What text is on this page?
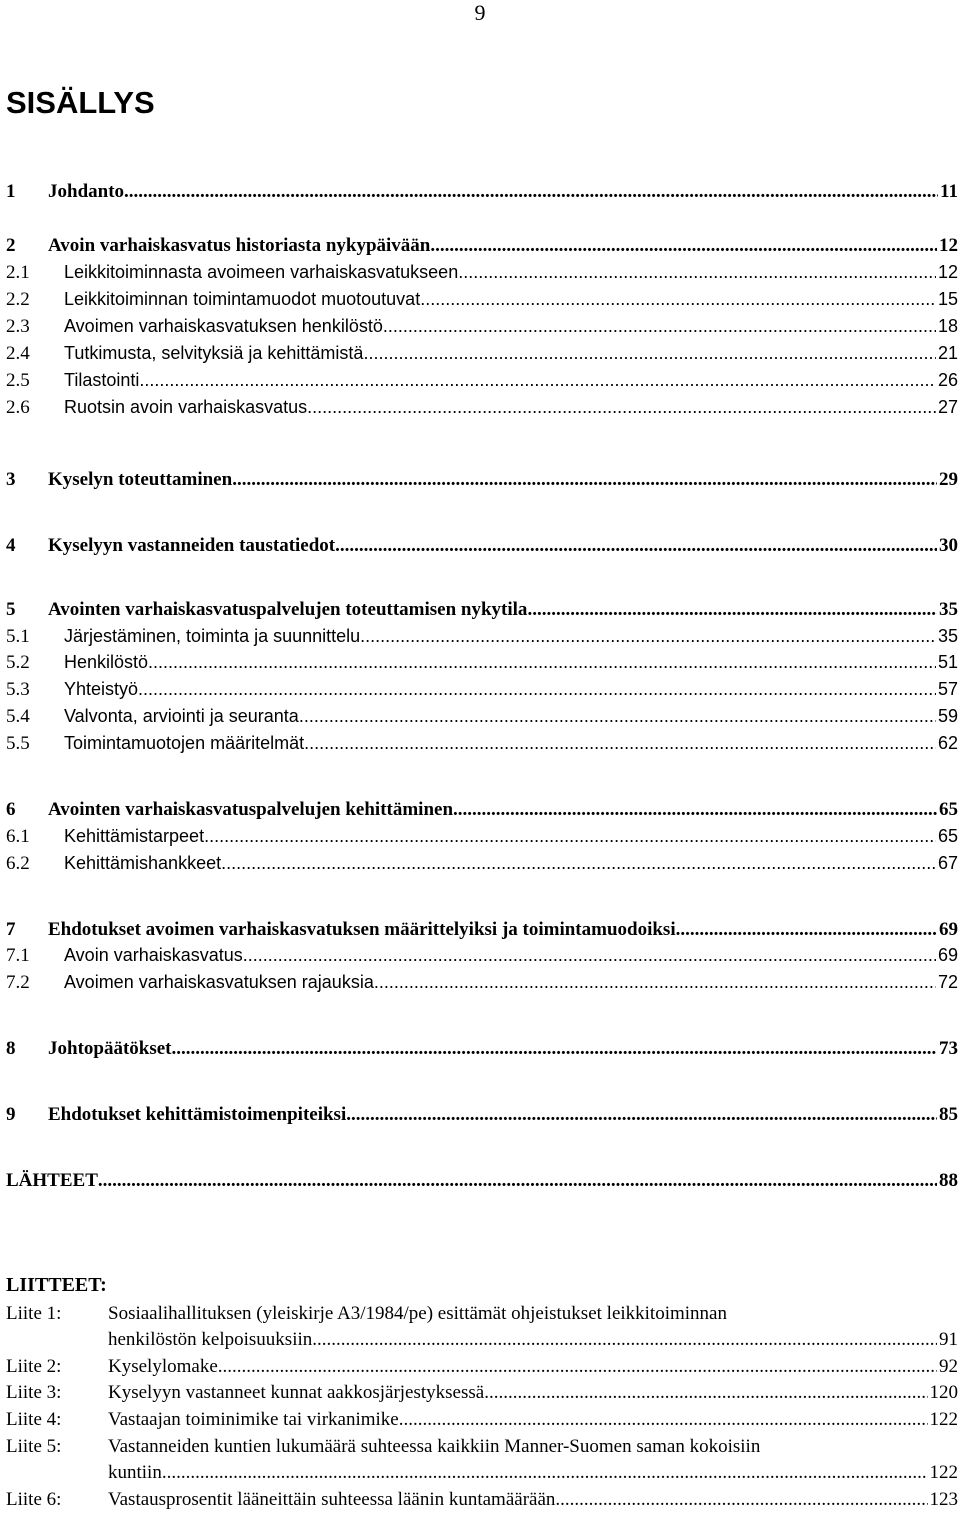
9
SISÄLLYS
1	Johdanto .....	11
2	Avoin varhaiskasvatus historiasta nykypäivään .....	12
2.1	Leikkitoiminnasta avoimeen varhaiskasvatukseen .....	12
2.2	Leikkitoiminnan toimintamuodot muotoutuvat .....	15
2.3	Avoimen varhaiskasvatuksen henkilöstö .....	18
2.4	Tutkimusta, selvityksiä ja kehittämistä .....	21
2.5	Tilastointi .....	26
2.6	Ruotsin avoin varhaiskasvatus .....	27
3	Kyselyn toteuttaminen .....	29
4	Kyselyyn vastanneiden taustatiedot .....	30
5	Avointen varhaiskasvatuspalvelujen toteuttamisen nykytila .....	35
5.1	Järjestäminen, toiminta ja suunnittelu .....	35
5.2	Henkilöstö .....	51
5.3	Yhteistyö .....	57
5.4	Valvonta, arviointi ja seuranta .....	59
5.5	Toimintamuotojen määritelmät .....	62
6	Avointen varhaiskasvatuspalvelujen kehittäminen .....	65
6.1	Kehittämistarpeet .....	65
6.2	Kehittämishankkeet .....	67
7	Ehdotukset avoimen varhaiskasvatuksen määrittelyiksi ja toimintamuodoiksi .....	69
7.1	Avoin varhaiskasvatus .....	69
7.2	Avoimen varhaiskasvatuksen rajauksia .....	72
8	Johtopäätökset .....	73
9	Ehdotukset kehittämistoimenpiteiksi .....	85
LÄHTEET .....	88
LIITTEET:
Liite 1: Sosiaalihallituksen (yleiskirje A3/1984/pe) esittämät ohjeistukset leikkitoiminnan
henkilöstön kelpoisuuksiin .....	91
Liite 2: Kyselylomake .....	92
Liite 3: Kyselyyn vastanneet kunnat aakkosjärjestyksessä .....	120
Liite 4: Vastaajan toiminimike tai virkanimike .....	122
Liite 5: Vastanneiden kuntien lukumäärä suhteessa kaikkiin Manner-Suomen saman kokoisiin
kuntiin .....	122
Liite 6: Vastausprosentit lääneittäin suhteessa läänin kuntamäärään .....	123
